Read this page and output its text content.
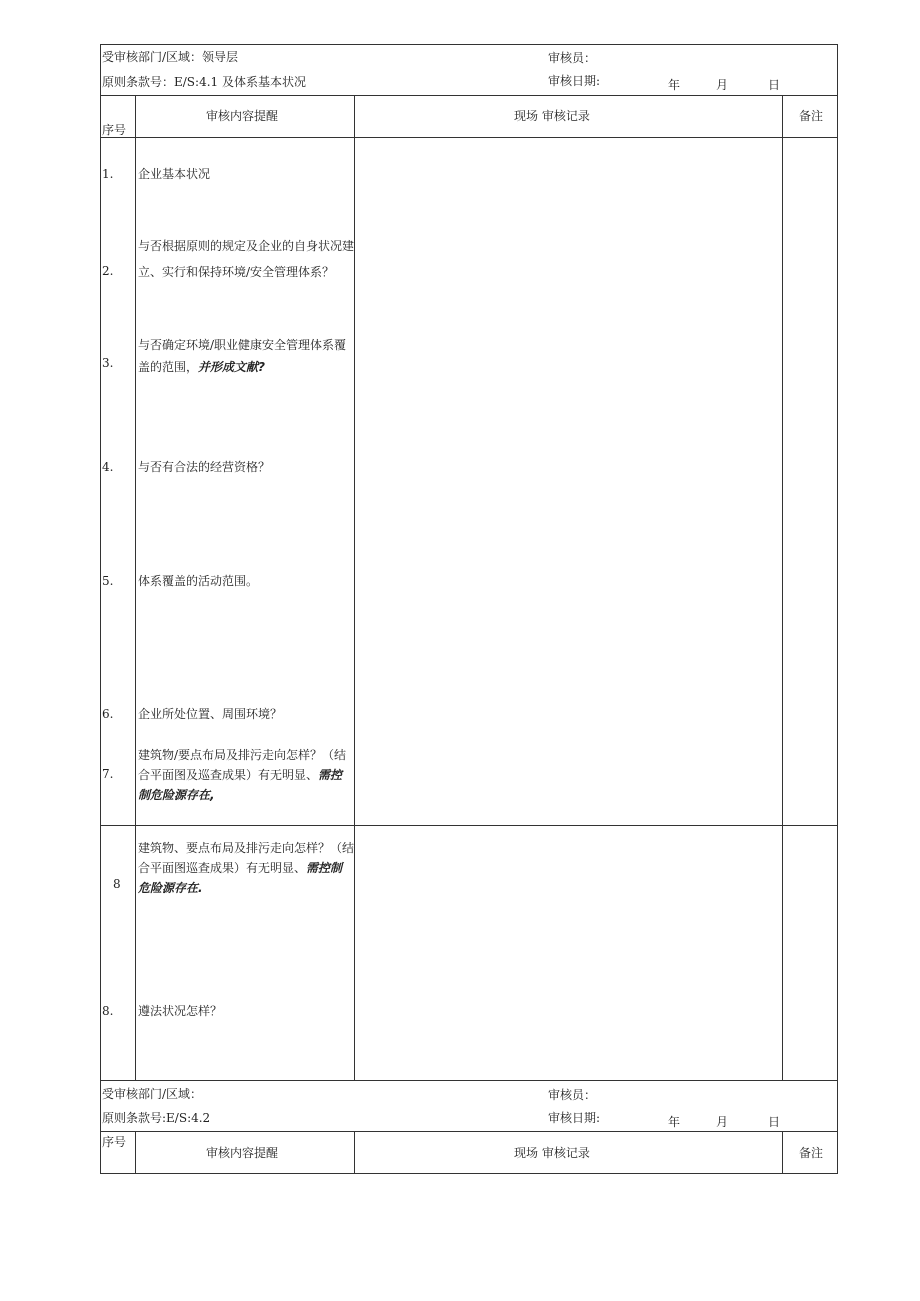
受审核部门/区域：领导层
原则条款号：E/S:4.1 及体系基本状况
审核员：
审核日期:	年	月	日
序号
审核内容提醒	现场 审核记录	备注
1. 企业基本状况
2.
与否根据原则的规定及企业的自身状况建立、实行和保持环境/安全管理体系？
3.
与否确定环境/职业健康安全管理体系覆盖的范围，并形成文献?
4. 与否有合法的经营资格？
5. 体系覆盖的活动范围。
6. 企业所处位置、周围环境？
7.
建筑物/要点布局及排污走向怎样？（结合平面图及巡查成果）有无明显、需控制危险源存在,
8
建筑物、要点布局及排污走向怎样？（结合平面图巡查成果）有无明显、需控制危险源存在.
8. 遵法状况怎样？
受审核部门/区域：
原则条款号:E/S:4.2
审核员：
审核日期:	年	月	日
序号
审核内容提醒	现场 审核记录	备注
